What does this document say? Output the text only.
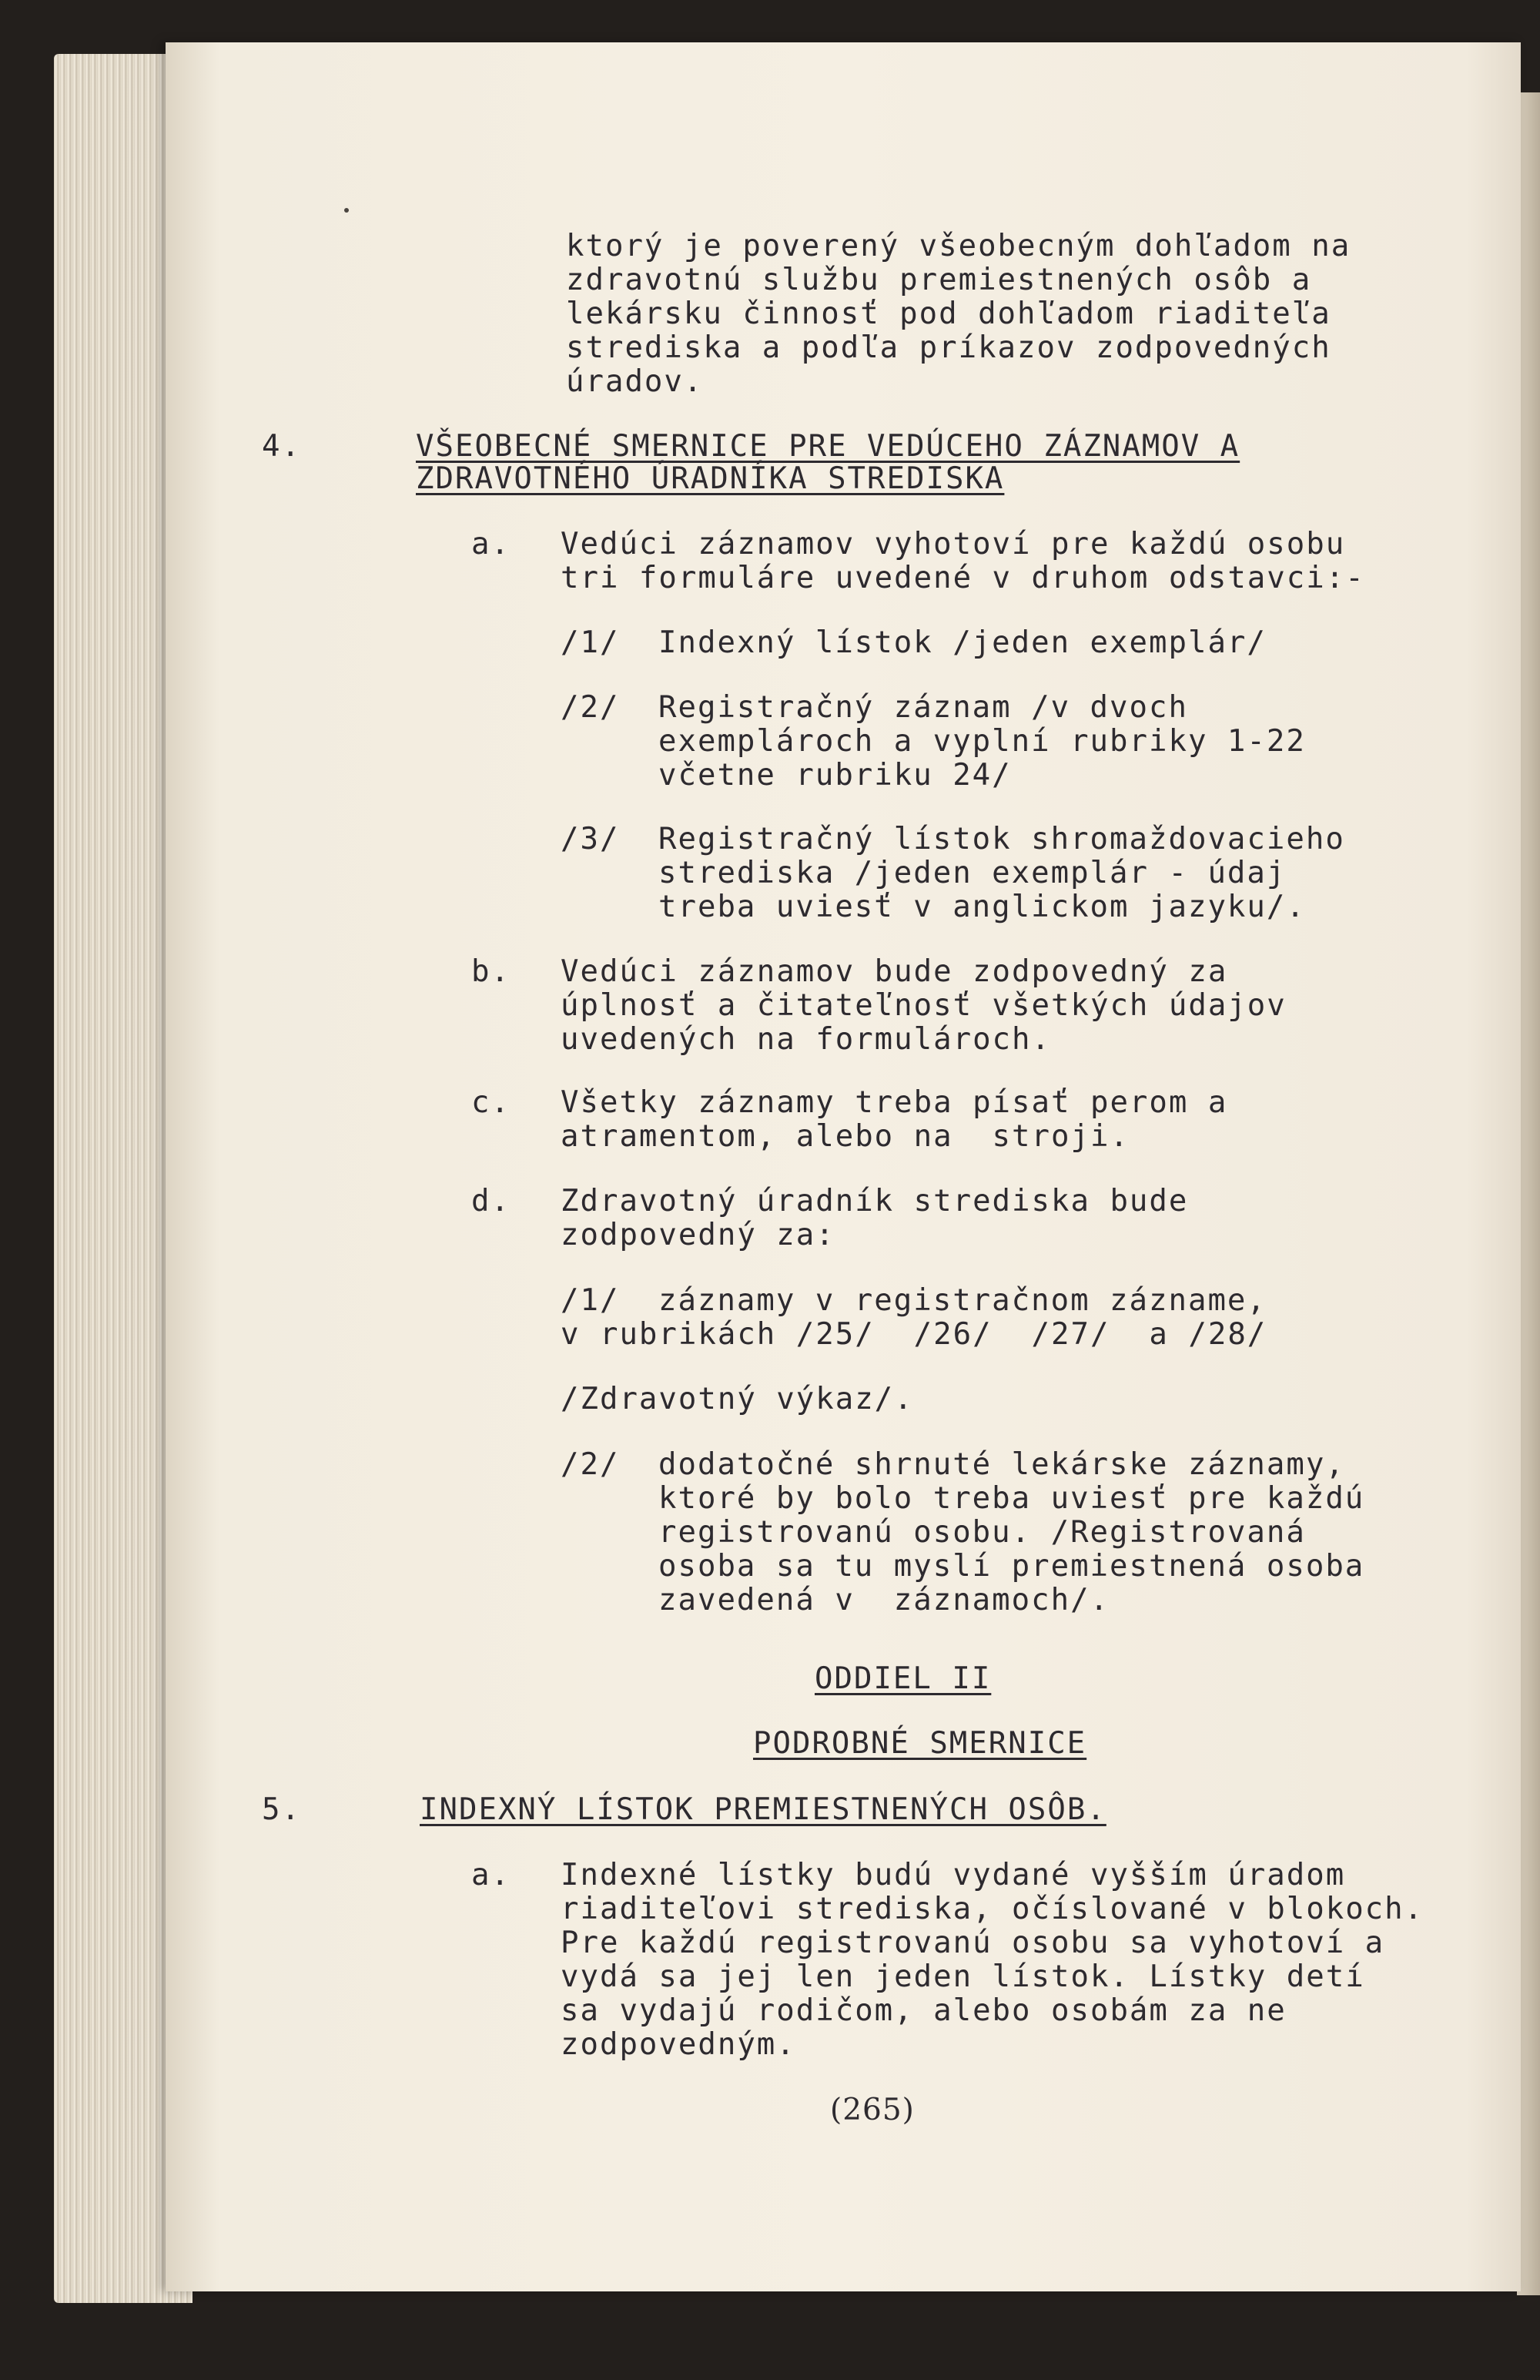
ktorý je poverený všeobecným dohľadom na
zdravotnú službu premiestnených osôb a
lekársku činnosť pod dohľadom riaditeľa
strediska a podľa príkazov zodpovedných
úradov.
4.	VŠEOBECNÉ SMERNICE PRE VEDÚCEHO ZÁZNAMOV A
ZDRAVOTNÉHO ÚRADNÍKA STREDISKA
a. Vedúci záznamov vyhotoví pre každú osobu
tri formuláre uvedené v druhom odstavci:-
/1/ Indexný lístok /jeden exemplár/
/2/ Registračný záznam /v dvoch
exemplároch a vyplní rubriky 1-22
včetne rubriku 24/
/3/ Registračný lístok shromaždovacieho
strediska /jeden exemplár - údaj
treba uviesť v anglickom jazyku/.
b. Vedúci záznamov bude zodpovedný za
úplnosť a čitateľnosť všetkých údajov
uvedených na formulároch.
c. Všetky záznamy treba písať perom a
atramentom, alebo na  stroji.
d. Zdravotný úradník strediska bude
zodpovedný za:
/1/ záznamy v registračnom záznamе,
v rubrikách /25/  /26/  /27/  a /28/
/Zdravotný výkaz/.
/2/ dodatočné shrnuté lekárske záznamy,
ktoré by bolo treba uviesť pre každú
registrovanú osobu. /Registrovaná
osoba sa tu myslí premiestnená osoba
zavedená v  záznamoch/.
ODDIEL II
PODROBNÉ SMERNICE
5.	INDEXNÝ LÍSTOK PREMIESTNENÝCH OSÔB.
a. Indexné lístky budú vydané vyšším úradom
riaditeľovi strediska, očíslované v blokoch.
Pre každú registrovanú osobu sa vyhotoví a
vydá sa jej len jeden lístok. Lístky detí
sa vydajú rodičom, alebo osobám za ne
zodpovedným.
(265)
